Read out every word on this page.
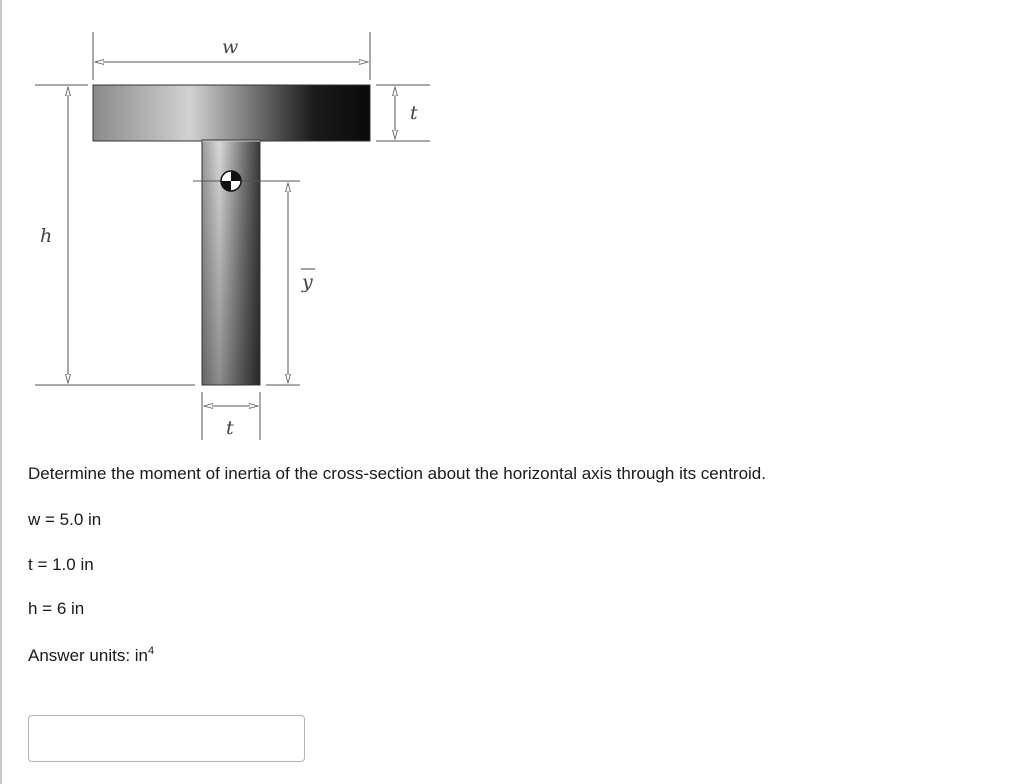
w
t
h
y
t
Determine the moment of inertia of the cross-section about the horizontal axis through its centroid.
w = 5.0 in
t = 1.0 in
h = 6 in
Answer units: $in^4$
